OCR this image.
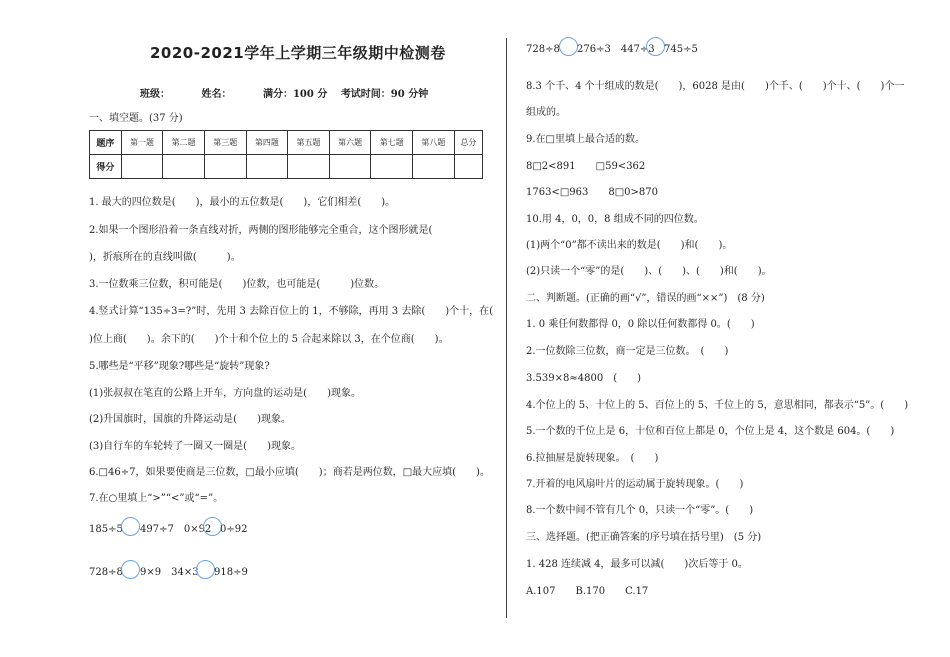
2020-2021学年上学期三年级期中检测卷
班级：	姓名：	满分：100 分 考试时间：90 分钟
一、填空题。(37 分)
题序	第一题	第二题	第三题	第四题	第五题	第六题	第七题	第八题	总分
得分									
1. 最大的四位数是(　　)，最小的五位数是(　　)，它们相差(　　)。
2.如果一个图形沿着一条直线对折，两侧的图形能够完全重合，这个图形就是(
)，折痕所在的直线叫做(　　　)。
3.一位数乘三位数，积可能是(　　)位数，也可能是(　　　)位数。
4.竖式计算“135÷3=?”时，先用 3 去除百位上的 1，不够除，再用 3 去除(　　)个十，在(
)位上商(　　)。余下的(　　)个十和个位上的 5 合起来除以 3，在个位商(　　)。
5.哪些是“平移”现象?哪些是“旋转”现象?
(1)张叔叔在笔直的公路上开车，方向盘的运动是(　　)现象。
(2)升国旗时，国旗的升降运动是(　　)现象。
(3)自行车的车轮转了一圈又一圈是(　　)现象。
6.□46÷7，如果要使商是三位数，□最小应填(　　)；商若是两位数，□最大应填(　　)。
7.在○里填上“>”“<”或“=”。
185÷5 497÷7　0×92 0÷92
728÷8 9×9　34×3 918÷9
728÷8 276÷3　447÷3 745÷5
8.3 个千、4 个十组成的数是(　　)，6028 是由(　　)个千、(　　)个十、(　　)个一
组成的。
9.在□里填上最合适的数。
8□2<891　　□59<362
1763<□963　　8□0>870
10.用 4，0，0，8 组成不同的四位数。
(1)两个“0”都不读出来的数是(　　)和(　　)。
(2)只读一个“零”的是(　　)、(　　)、(　　)和(　　)。
二、判断题。(正确的画“√”，错误的画“××”)　(8 分)
1. 0 乘任何数都得 0，0 除以任何数都得 0。(　　)
2.一位数除三位数，商一定是三位数。　(　　)
3.539×8≈4800　(　　)
4.个位上的 5、十位上的 5、百位上的 5、千位上的 5，意思相同，都表示“5”。(　　)
5.一个数的千位上是 6，十位和百位上都是 0，个位上是 4，这个数是 604。(　　)
6.拉抽屉是旋转现象。　(　　)
7.开着的电风扇叶片的运动属于旋转现象。(　　)
8.一个数中间不管有几个 0，只读一个“零”。(　　)
三、选择题。(把正确答案的序号填在括号里)　(5 分)
1. 428 连续减 4，最多可以减(　　)次后等于 0。
A.107　　B.170　　C.17
